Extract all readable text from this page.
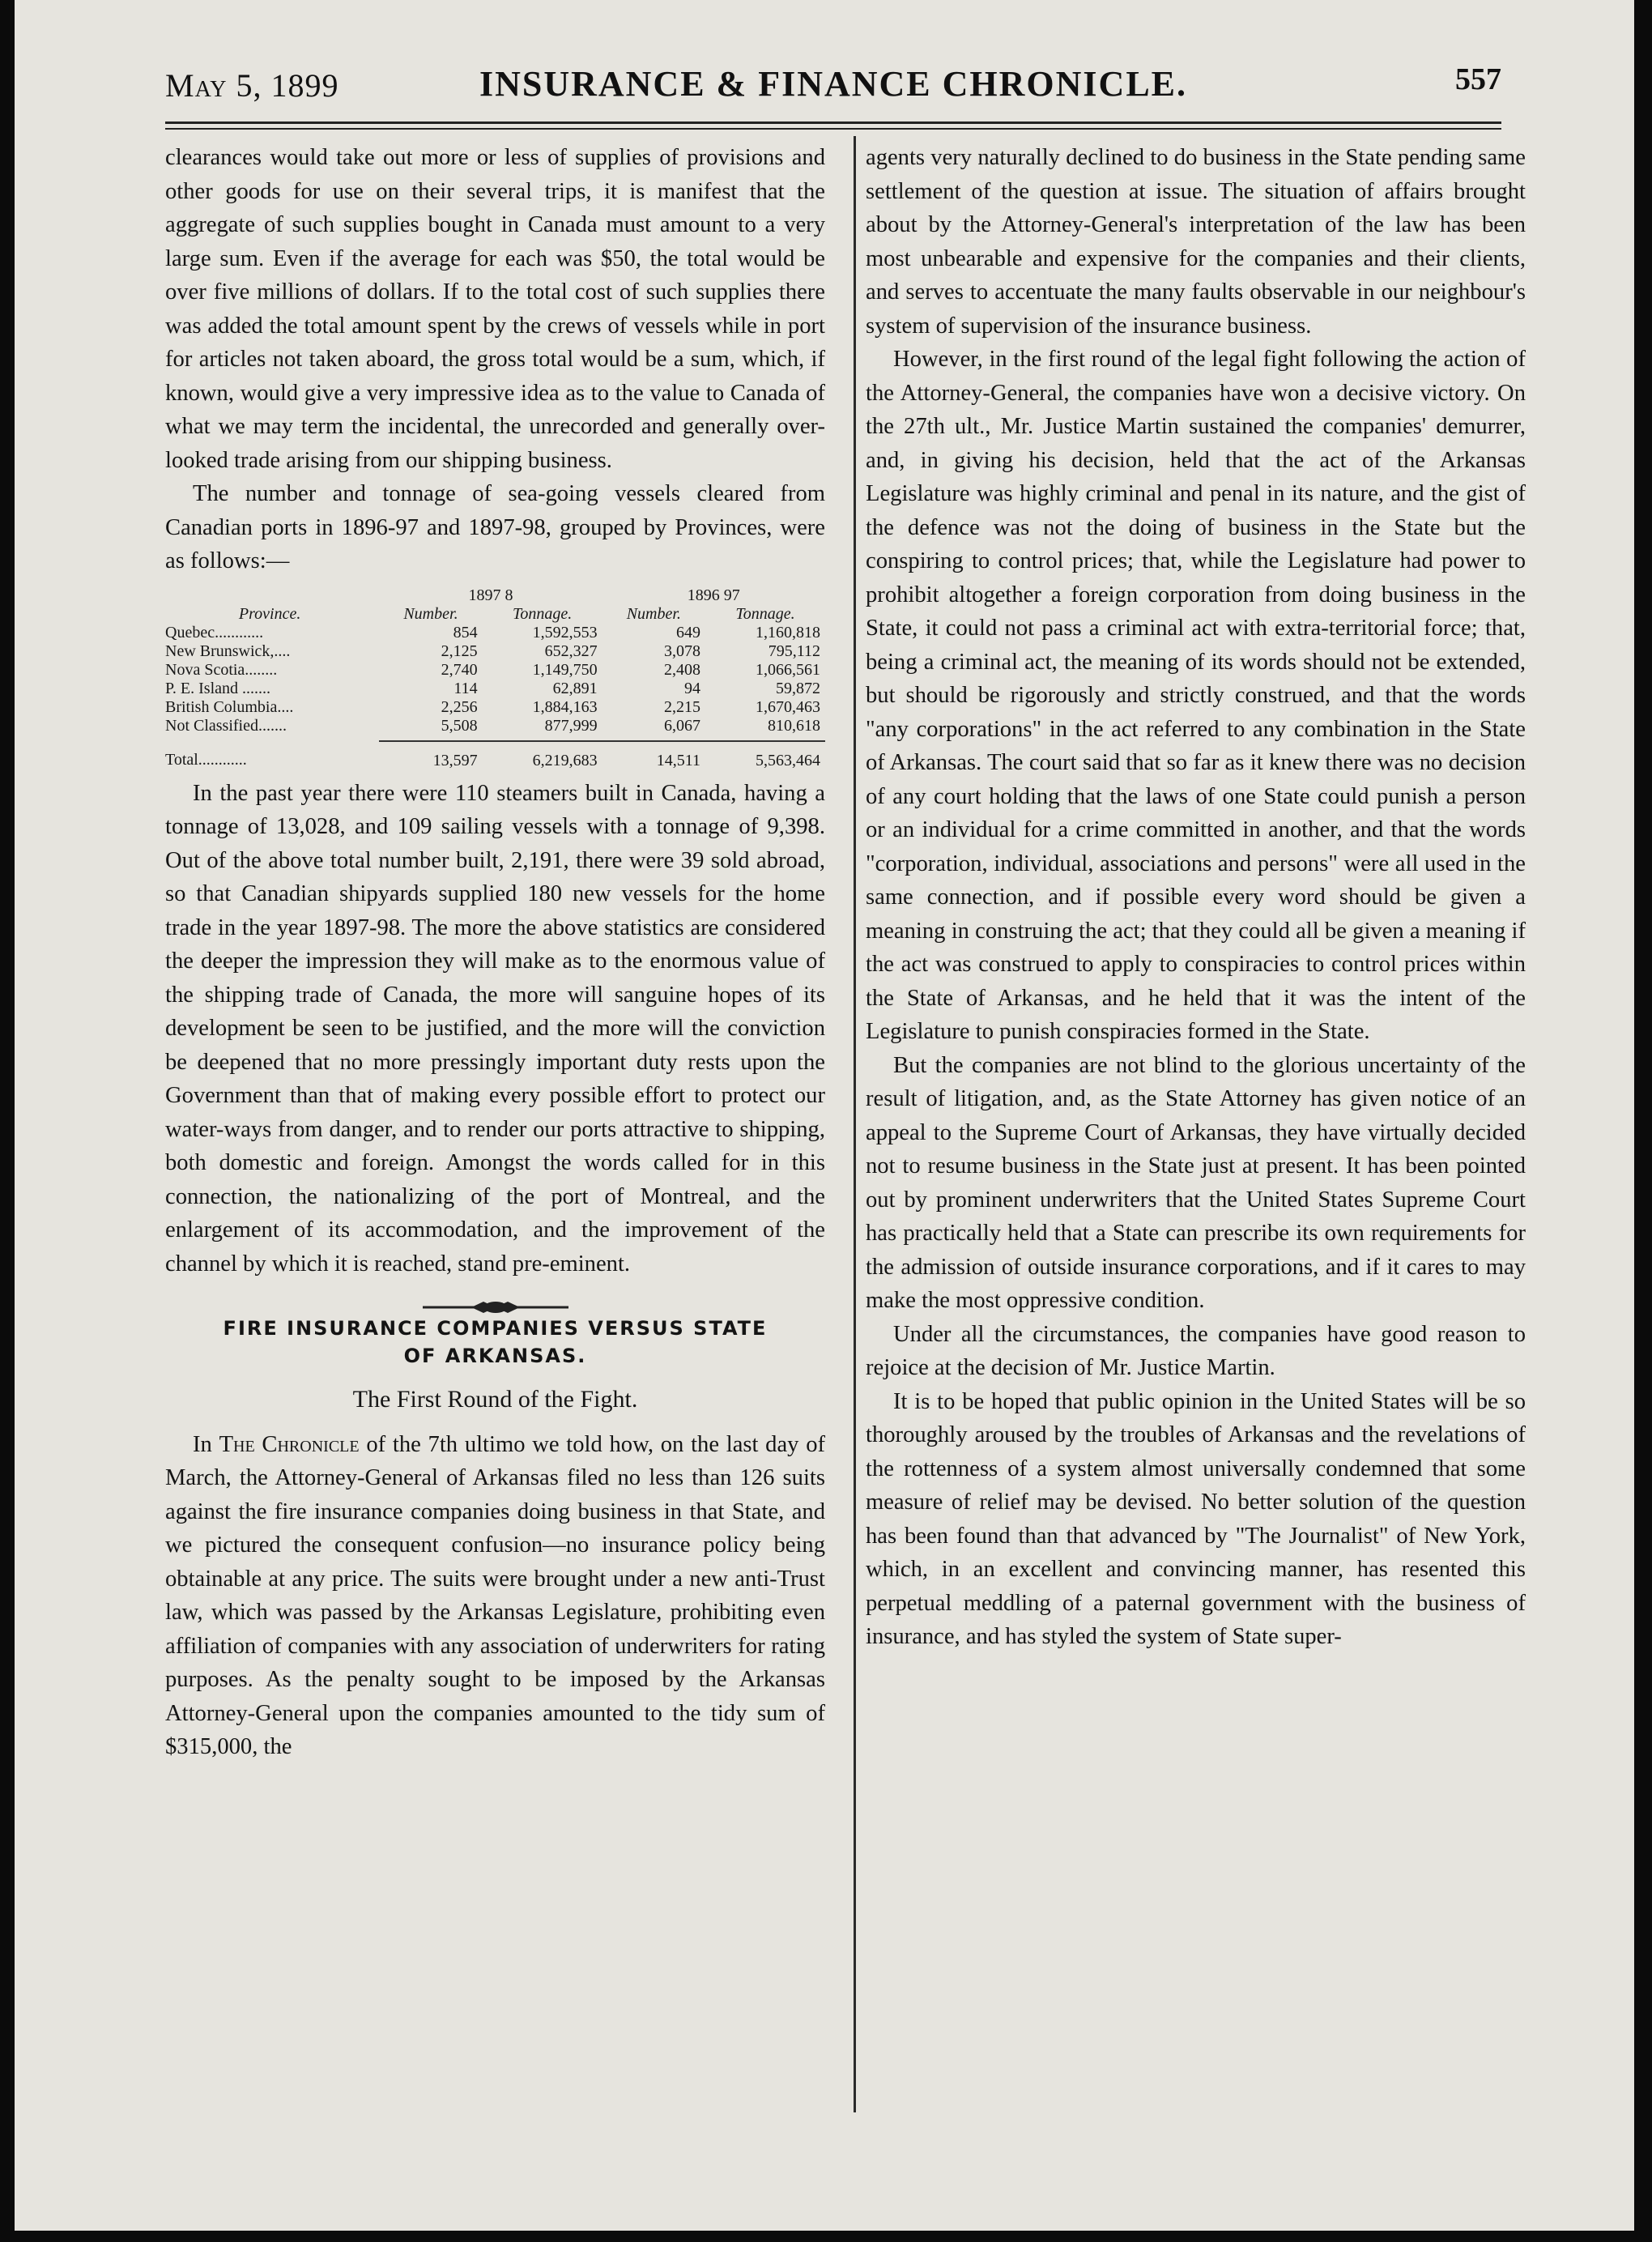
May 5, 1899	INSURANCE & FINANCE CHRONICLE.	557

clearances would take out more or less of supplies of provisions and other goods for use on their several trips, it is manifest that the aggregate of such supplies bought in Canada must amount to a very large sum. Even if the average for each was $50, the total would be over five millions of dollars. If to the total cost of such supplies there was added the total amount spent by the crews of vessels while in port for articles not taken aboard, the gross total would be a sum, which, if known, would give a very impressive idea as to the value to Canada of what we may term the incidental, the unrecorded and generally over-looked trade arising from our shipping business.

The number and tonnage of sea-going vessels cleared from Canadian ports in 1896-97 and 1897-98, grouped by Provinces, were as follows:—

	1897 8		1896 97	
Province.	Number.	Tonnage.	Number.	Tonnage.
Quebec............	854	1,592,553	649	1,160,818
New Brunswick,....	2,125	652,327	3,078	795,112
Nova Scotia........	2,740	1,149,750	2,408	1,066,561
P. E. Island .......	114	62,891	94	59,872
British Columbia....	2,256	1,884,163	2,215	1,670,463
Not Classified.......	5,508	877,999	6,067	810,618

Total............	13,597	6,219,683	14,511	5,563,464

In the past year there were 110 steamers built in Canada, having a tonnage of 13,028, and 109 sailing vessels with a tonnage of 9,398. Out of the above total number built, 2,191, there were 39 sold abroad, so that Canadian shipyards supplied 180 new vessels for the home trade in the year 1897-98. The more the above statistics are considered the deeper the impression they will make as to the enormous value of the shipping trade of Canada, the more will sanguine hopes of its development be seen to be justified, and the more will the conviction be deepened that no more pressingly important duty rests upon the Government than that of making every possible effort to protect our water-ways from danger, and to render our ports attractive to shipping, both domestic and foreign. Amongst the words called for in this connection, the nationalizing of the port of Montreal, and the enlargement of its accommodation, and the improvement of the channel by which it is reached, stand pre-eminent.

FIRE INSURANCE COMPANIES VERSUS STATE
OF ARKANSAS.
The First Round of the Fight.

In The Chronicle of the 7th ultimo we told how, on the last day of March, the Attorney-General of Arkansas filed no less than 126 suits against the fire insurance companies doing business in that State, and we pictured the consequent confusion—no insurance policy being obtainable at any price. The suits were brought under a new anti-Trust law, which was passed by the Arkansas Legislature, prohibiting even affiliation of companies with any association of underwriters for rating purposes. As the penalty sought to be imposed by the Arkansas Attorney-General upon the companies amounted to the tidy sum of $315,000, the

agents very naturally declined to do business in the State pending same settlement of the question at issue. The situation of affairs brought about by the Attorney-General's interpretation of the law has been most unbearable and expensive for the companies and their clients, and serves to accentuate the many faults observable in our neighbour's system of supervision of the insurance business.

However, in the first round of the legal fight following the action of the Attorney-General, the companies have won a decisive victory. On the 27th ult., Mr. Justice Martin sustained the companies' demurrer, and, in giving his decision, held that the act of the Arkansas Legislature was highly criminal and penal in its nature, and the gist of the defence was not the doing of business in the State but the conspiring to control prices; that, while the Legislature had power to prohibit altogether a foreign corporation from doing business in the State, it could not pass a criminal act with extra-territorial force; that, being a criminal act, the meaning of its words should not be extended, but should be rigorously and strictly construed, and that the words "any corporations" in the act referred to any combination in the State of Arkansas. The court said that so far as it knew there was no decision of any court holding that the laws of one State could punish a person or an individual for a crime committed in another, and that the words "corporation, individual, associations and persons" were all used in the same connection, and if possible every word should be given a meaning in construing the act; that they could all be given a meaning if the act was construed to apply to conspiracies to control prices within the State of Arkansas, and he held that it was the intent of the Legislature to punish conspiracies formed in the State.

But the companies are not blind to the glorious uncertainty of the result of litigation, and, as the State Attorney has given notice of an appeal to the Supreme Court of Arkansas, they have virtually decided not to resume business in the State just at present. It has been pointed out by prominent underwriters that the United States Supreme Court has practically held that a State can prescribe its own requirements for the admission of outside insurance corporations, and if it cares to may make the most oppressive condition.

Under all the circumstances, the companies have good reason to rejoice at the decision of Mr. Justice Martin.

It is to be hoped that public opinion in the United States will be so thoroughly aroused by the troubles of Arkansas and the revelations of the rottenness of a system almost universally condemned that some measure of relief may be devised. No better solution of the question has been found than that advanced by "The Journalist" of New York, which, in an excellent and convincing manner, has resented this perpetual meddling of a paternal government with the business of insurance, and has styled the system of State super-
